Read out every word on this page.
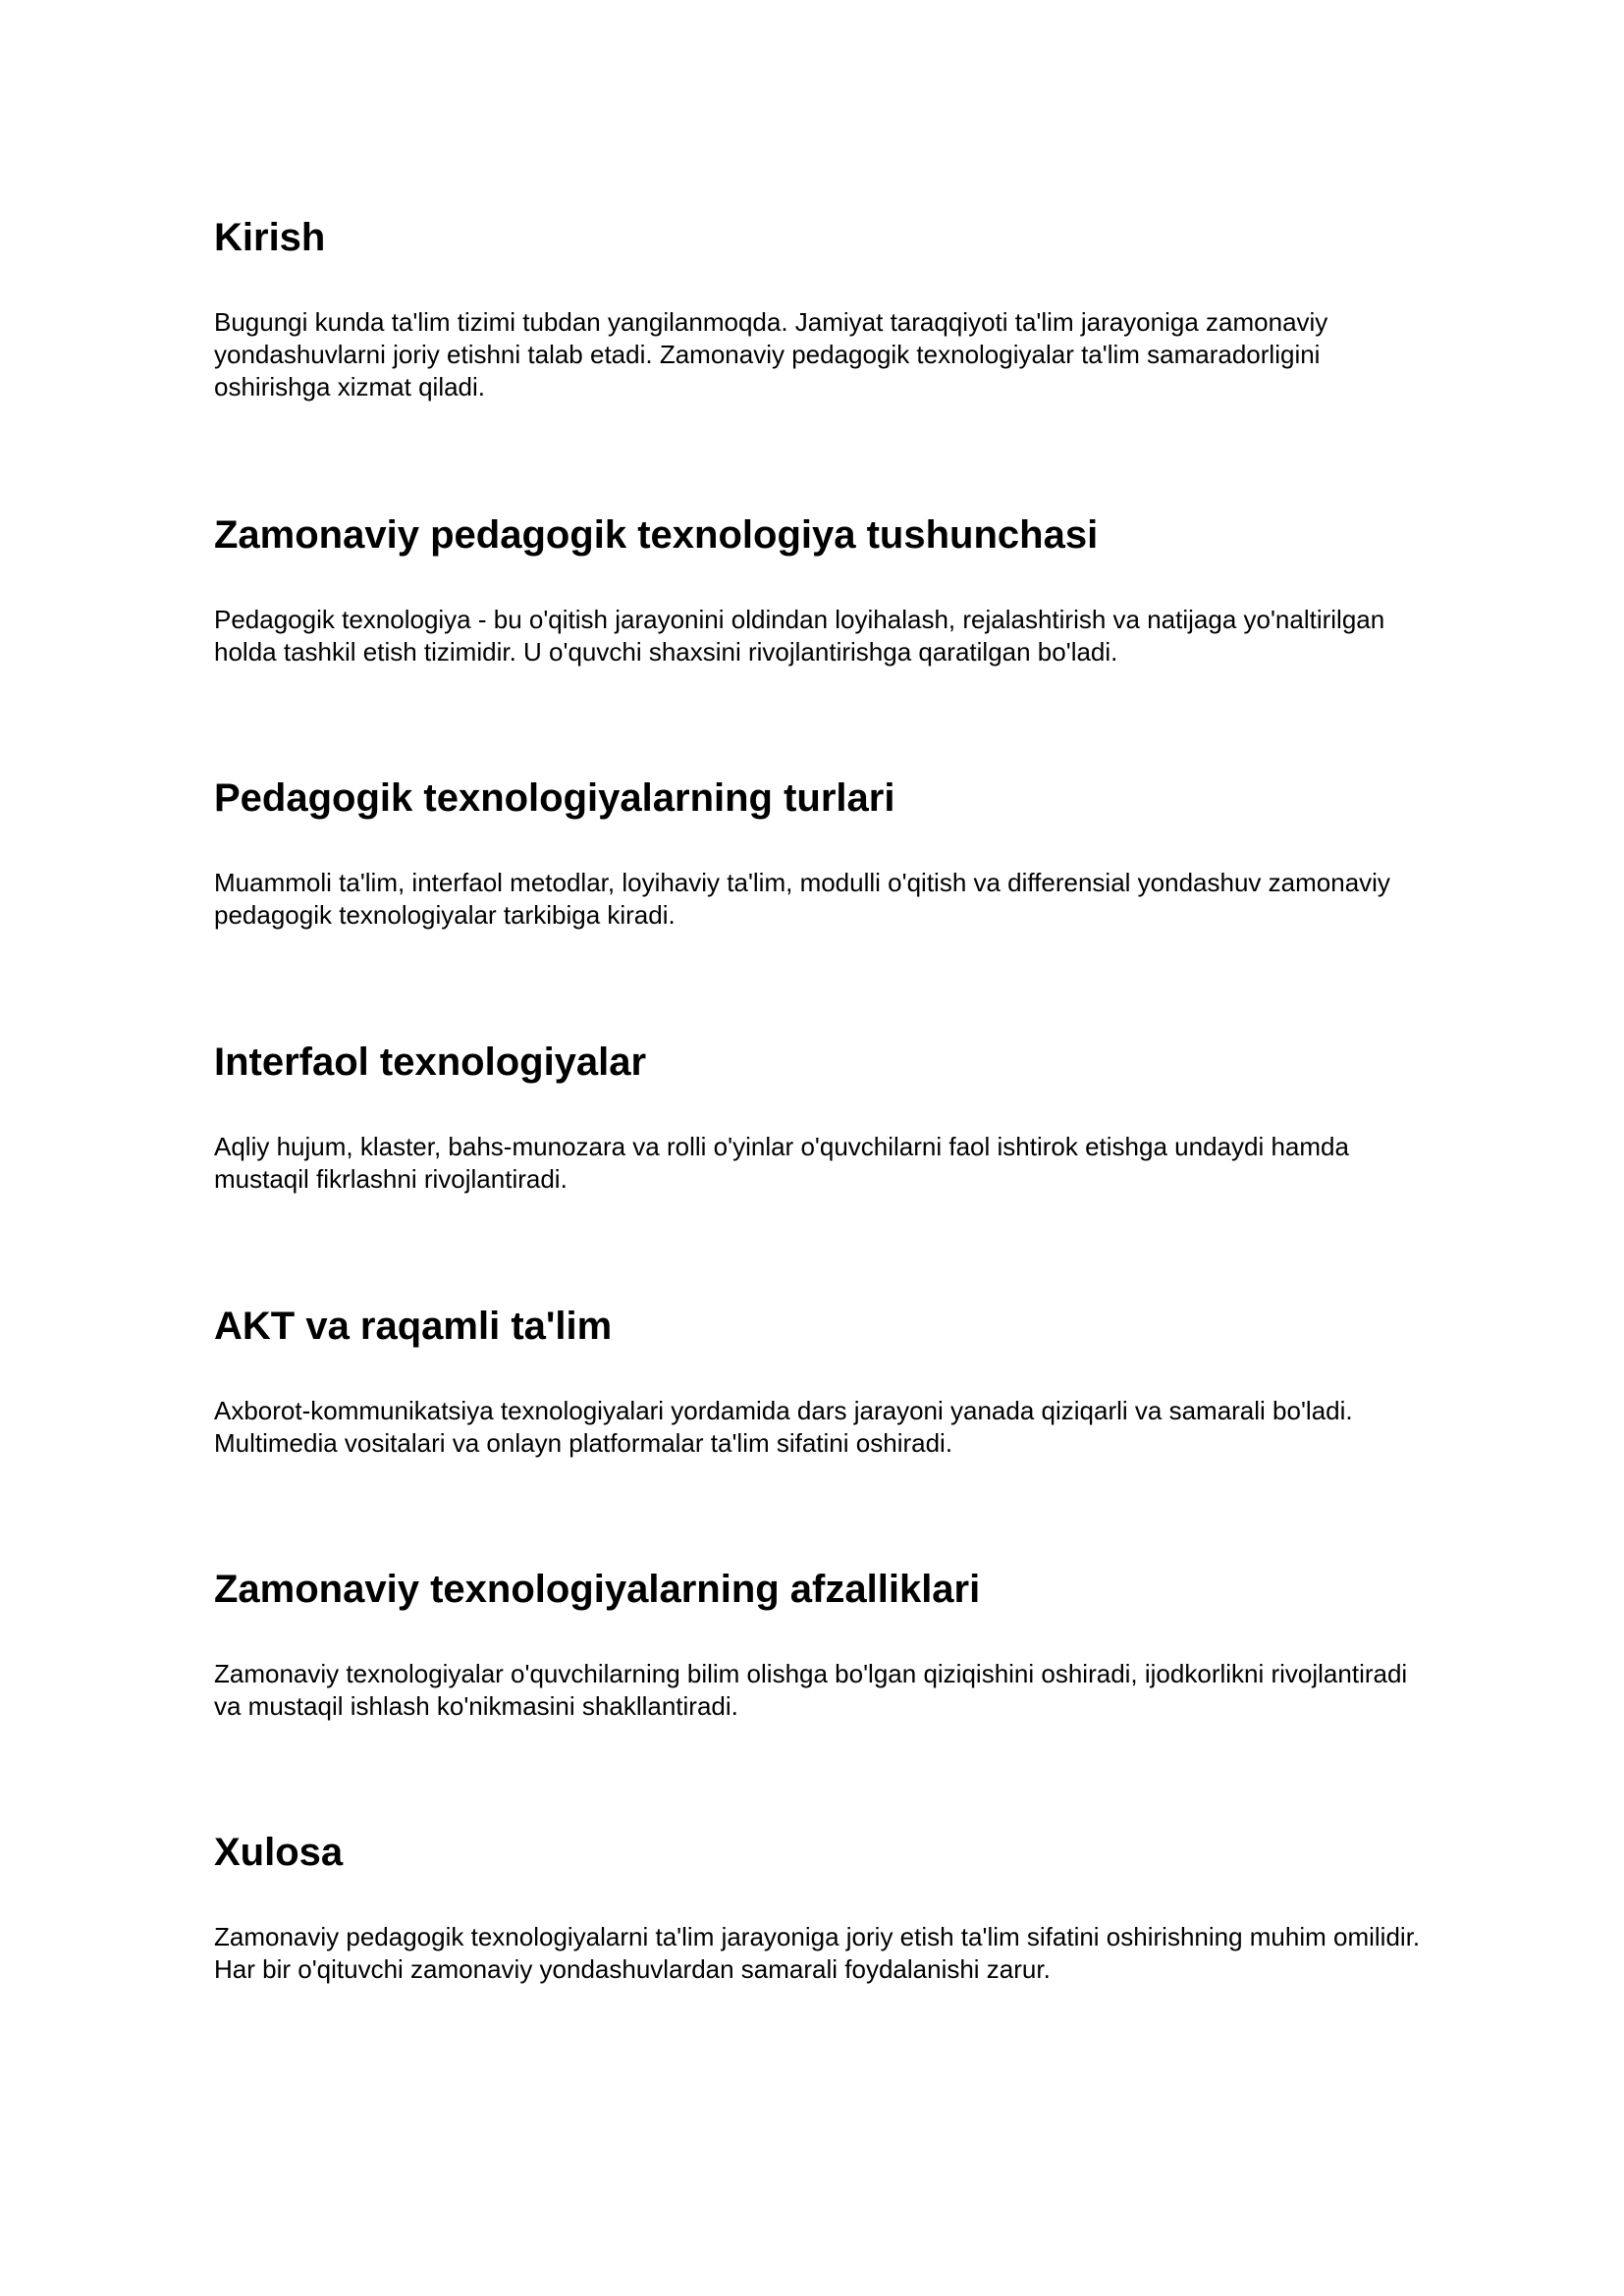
Kirish

Bugungi kunda ta'lim tizimi tubdan yangilanmoqda. Jamiyat taraqqiyoti ta'lim jarayoniga zamonaviy yondashuvlarni joriy etishni talab etadi. Zamonaviy pedagogik texnologiyalar ta'lim samaradorligini oshirishga xizmat qiladi.

Zamonaviy pedagogik texnologiya tushunchasi

Pedagogik texnologiya - bu o'qitish jarayonini oldindan loyihalash, rejalashtirish va natijaga yo'naltirilgan holda tashkil etish tizimidir. U o'quvchi shaxsini rivojlantirishga qaratilgan bo'ladi.

Pedagogik texnologiyalarning turlari

Muammoli ta'lim, interfaol metodlar, loyihaviy ta'lim, modulli o'qitish va differensial yondashuv zamonaviy pedagogik texnologiyalar tarkibiga kiradi.

Interfaol texnologiyalar

Aqliy hujum, klaster, bahs-munozara va rolli o'yinlar o'quvchilarni faol ishtirok etishga undaydi hamda mustaqil fikrlashni rivojlantiradi.

AKT va raqamli ta'lim

Axborot-kommunikatsiya texnologiyalari yordamida dars jarayoni yanada qiziqarli va samarali bo'ladi. Multimedia vositalari va onlayn platformalar ta'lim sifatini oshiradi.

Zamonaviy texnologiyalarning afzalliklari

Zamonaviy texnologiyalar o'quvchilarning bilim olishga bo'lgan qiziqishini oshiradi, ijodkorlikni rivojlantiradi va mustaqil ishlash ko'nikmasini shakllantiradi.

Xulosa

Zamonaviy pedagogik texnologiyalarni ta'lim jarayoniga joriy etish ta'lim sifatini oshirishning muhim omilidir. Har bir o'qituvchi zamonaviy yondashuvlardan samarali foydalanishi zarur.
